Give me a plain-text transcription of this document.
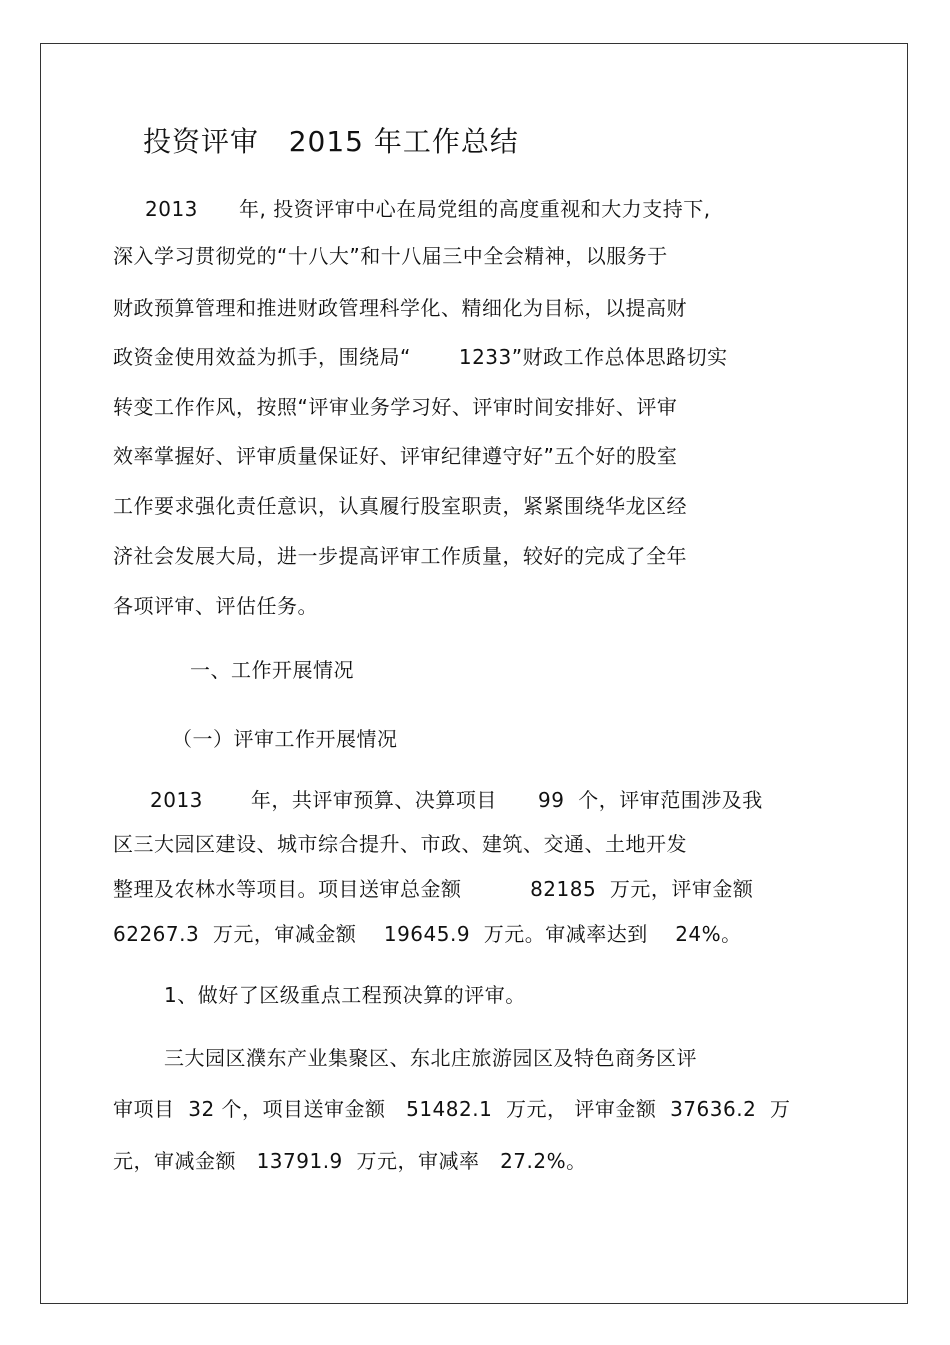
投资评审   2015 年工作总结
2013      年, 投资评审中心在局党组的高度重视和大力支持下,
深入学习贯彻党的“十八大”和十八届三中全会精神，以服务于
财政预算管理和推进财政管理科学化、精细化为目标，以提高财
政资金使用效益为抓手，围绕局“       1233”财政工作总体思路切实
转变工作作风，按照“评审业务学习好、评审时间安排好、评审
效率掌握好、评审质量保证好、评审纪律遵守好”五个好的股室
工作要求强化责任意识，认真履行股室职责，紧紧围绕华龙区经
济社会发展大局，进一步提高评审工作质量，较好的完成了全年
各项评审、评估任务。
一、工作开展情况
（一）评审工作开展情况
2013       年，共评审预算、决算项目      99  个，评审范围涉及我
区三大园区建设、城市综合提升、市政、建筑、交通、土地开发
整理及农林水等项目。项目送审总金额          82185  万元，评审金额
62267.3  万元，审减金额    19645.9  万元。审减率达到    24%。
1、做好了区级重点工程预决算的评审。
三大园区濮东产业集聚区、东北庄旅游园区及特色商务区评
审项目  32 个，项目送审金额   51482.1  万元， 评审金额  37636.2  万
元，审减金额   13791.9  万元，审减率   27.2%。
